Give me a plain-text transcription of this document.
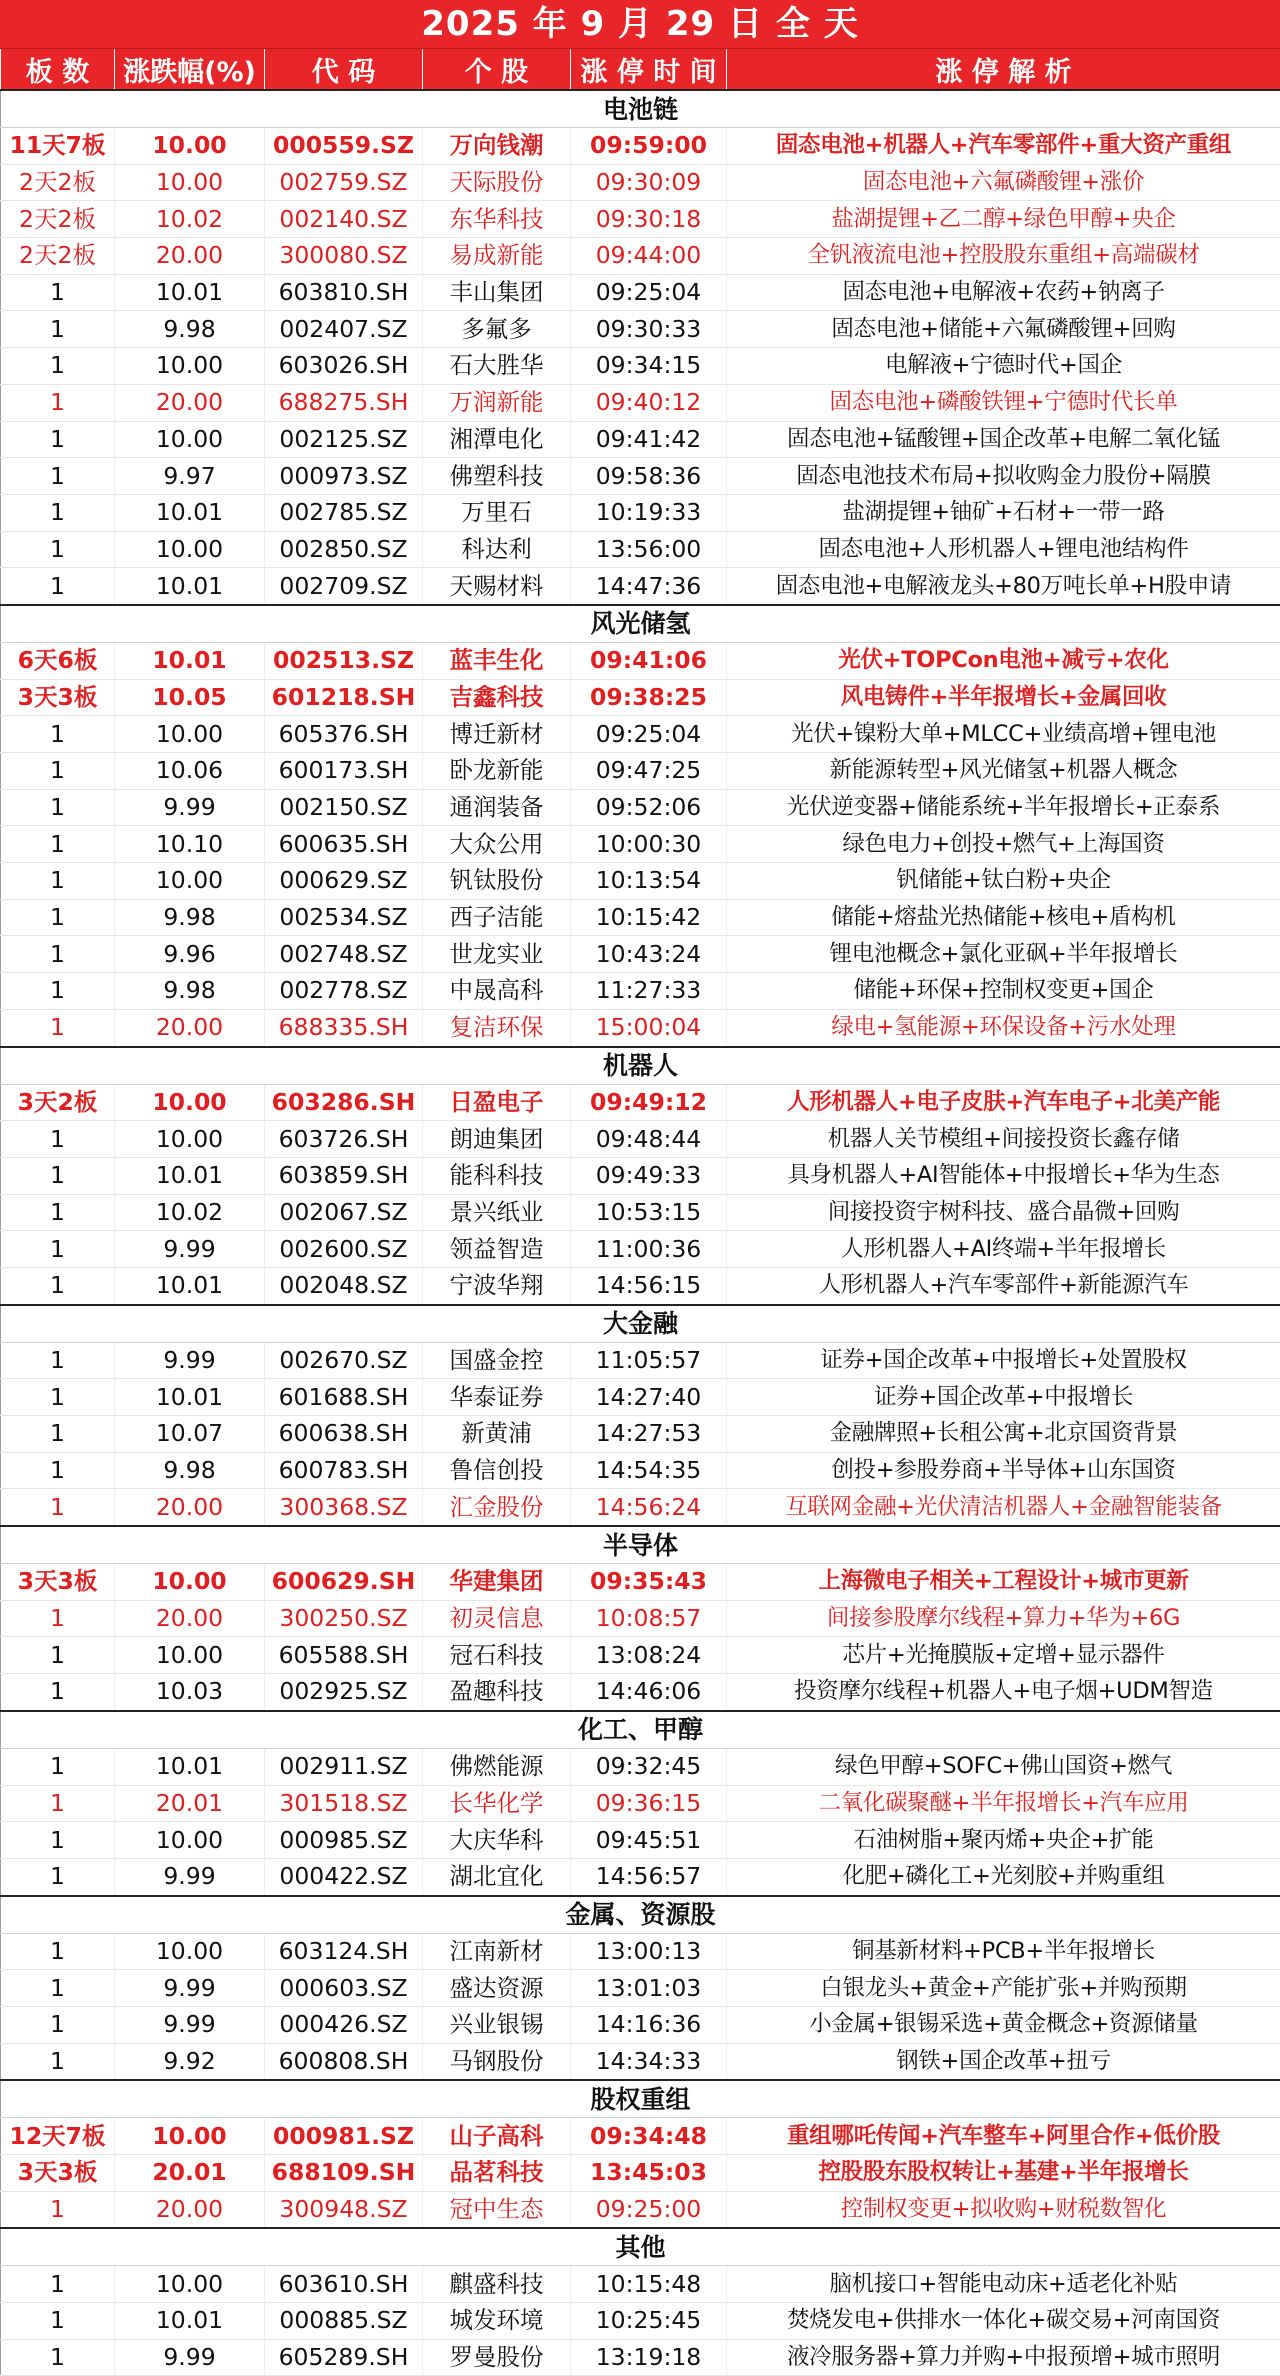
2025 年 9 月 29 日 全 天
板 数	涨跌幅(%)	代 码	个 股	涨 停 时 间	涨 停 解 析
电池链					
11天7板	10.00	000559.SZ	万向钱潮	09:59:00	固态电池+机器人+汽车零部件+重大资产重组
2天2板	10.00	002759.SZ	天际股份	09:30:09	固态电池+六氟磷酸锂+涨价
2天2板	10.02	002140.SZ	东华科技	09:30:18	盐湖提锂+乙二醇+绿色甲醇+央企
2天2板	20.00	300080.SZ	易成新能	09:44:00	全钒液流电池+控股股东重组+高端碳材
1	10.01	603810.SH	丰山集团	09:25:04	固态电池+电解液+农药+钠离子
1	9.98	002407.SZ	多氟多	09:30:33	固态电池+储能+六氟磷酸锂+回购
1	10.00	603026.SH	石大胜华	09:34:15	电解液+宁德时代+国企
1	20.00	688275.SH	万润新能	09:40:12	固态电池+磷酸铁锂+宁德时代长单
1	10.00	002125.SZ	湘潭电化	09:41:42	固态电池+锰酸锂+国企改革+电解二氧化锰
1	9.97	000973.SZ	佛塑科技	09:58:36	固态电池技术布局+拟收购金力股份+隔膜
1	10.01	002785.SZ	万里石	10:19:33	盐湖提锂+铀矿+石材+一带一路
1	10.00	002850.SZ	科达利	13:56:00	固态电池+人形机器人+锂电池结构件
1	10.01	002709.SZ	天赐材料	14:47:36	固态电池+电解液龙头+80万吨长单+H股申请
风光储氢					
6天6板	10.01	002513.SZ	蓝丰生化	09:41:06	光伏+TOPCon电池+减亏+农化
3天3板	10.05	601218.SH	吉鑫科技	09:38:25	风电铸件+半年报增长+金属回收
1	10.00	605376.SH	博迁新材	09:25:04	光伏+镍粉大单+MLCC+业绩高增+锂电池
1	10.06	600173.SH	卧龙新能	09:47:25	新能源转型+风光储氢+机器人概念
1	9.99	002150.SZ	通润装备	09:52:06	光伏逆变器+储能系统+半年报增长+正泰系
1	10.10	600635.SH	大众公用	10:00:30	绿色电力+创投+燃气+上海国资
1	10.00	000629.SZ	钒钛股份	10:13:54	钒储能+钛白粉+央企
1	9.98	002534.SZ	西子洁能	10:15:42	储能+熔盐光热储能+核电+盾构机
1	9.96	002748.SZ	世龙实业	10:43:24	锂电池概念+氯化亚砜+半年报增长
1	9.98	002778.SZ	中晟高科	11:27:33	储能+环保+控制权变更+国企
1	20.00	688335.SH	复洁环保	15:00:04	绿电+氢能源+环保设备+污水处理
机器人					
3天2板	10.00	603286.SH	日盈电子	09:49:12	人形机器人+电子皮肤+汽车电子+北美产能
1	10.00	603726.SH	朗迪集团	09:48:44	机器人关节模组+间接投资长鑫存储
1	10.01	603859.SH	能科科技	09:49:33	具身机器人+AI智能体+中报增长+华为生态
1	10.02	002067.SZ	景兴纸业	10:53:15	间接投资宇树科技、盛合晶微+回购
1	9.99	002600.SZ	领益智造	11:00:36	人形机器人+AI终端+半年报增长
1	10.01	002048.SZ	宁波华翔	14:56:15	人形机器人+汽车零部件+新能源汽车
大金融					
1	9.99	002670.SZ	国盛金控	11:05:57	证券+国企改革+中报增长+处置股权
1	10.01	601688.SH	华泰证券	14:27:40	证券+国企改革+中报增长
1	10.07	600638.SH	新黄浦	14:27:53	金融牌照+长租公寓+北京国资背景
1	9.98	600783.SH	鲁信创投	14:54:35	创投+参股券商+半导体+山东国资
1	20.00	300368.SZ	汇金股份	14:56:24	互联网金融+光伏清洁机器人+金融智能装备
半导体					
3天3板	10.00	600629.SH	华建集团	09:35:43	上海微电子相关+工程设计+城市更新
1	20.00	300250.SZ	初灵信息	10:08:57	间接参股摩尔线程+算力+华为+6G
1	10.00	605588.SH	冠石科技	13:08:24	芯片+光掩膜版+定增+显示器件
1	10.03	002925.SZ	盈趣科技	14:46:06	投资摩尔线程+机器人+电子烟+UDM智造
化工、甲醇					
1	10.01	002911.SZ	佛燃能源	09:32:45	绿色甲醇+SOFC+佛山国资+燃气
1	20.01	301518.SZ	长华化学	09:36:15	二氧化碳聚醚+半年报增长+汽车应用
1	10.00	000985.SZ	大庆华科	09:45:51	石油树脂+聚丙烯+央企+扩能
1	9.99	000422.SZ	湖北宜化	14:56:57	化肥+磷化工+光刻胶+并购重组
金属、资源股					
1	10.00	603124.SH	江南新材	13:00:13	铜基新材料+PCB+半年报增长
1	9.99	000603.SZ	盛达资源	13:01:03	白银龙头+黄金+产能扩张+并购预期
1	9.99	000426.SZ	兴业银锡	14:16:36	小金属+银锡采选+黄金概念+资源储量
1	9.92	600808.SH	马钢股份	14:34:33	钢铁+国企改革+扭亏
股权重组					
12天7板	10.00	000981.SZ	山子高科	09:34:48	重组哪吒传闻+汽车整车+阿里合作+低价股
3天3板	20.01	688109.SH	品茗科技	13:45:03	控股股东股权转让+基建+半年报增长
1	20.00	300948.SZ	冠中生态	09:25:00	控制权变更+拟收购+财税数智化
其他					
1	10.00	603610.SH	麒盛科技	10:15:48	脑机接口+智能电动床+适老化补贴
1	10.01	000885.SZ	城发环境	10:25:45	焚烧发电+供排水一体化+碳交易+河南国资
1	9.99	605289.SH	罗曼股份	13:19:18	液冷服务器+算力并购+中报预增+城市照明
